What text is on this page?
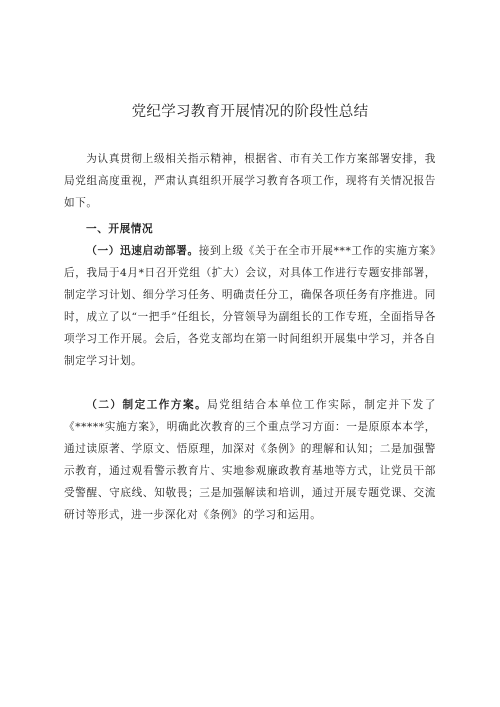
党纪学习教育开展情况的阶段性总结
为认真贯彻上级相关指示精神，根据省、市有关工作方案部署安排，我局党组高度重视，严肃认真组织开展学习教育各项工作，现将有关情况报告如下。
一、开展情况
（一）迅速启动部署。接到上级《关于在全市开展***工作的实施方案》后，我局于4月*日召开党组（扩大）会议，对具体工作进行专题安排部署，制定学习计划、细分学习任务、明确责任分工，确保各项任务有序推进。同时，成立了以“一把手”任组长，分管领导为副组长的工作专班，全面指导各项学习工作开展。会后，各党支部均在第一时间组织开展集中学习，并各自制定学习计划。
（二）制定工作方案。局党组结合本单位工作实际，制定并下发了《*****实施方案》，明确此次教育的三个重点学习方面：一是原原本本学，通过读原著、学原文、悟原理，加深对《条例》的理解和认知；二是加强警示教育，通过观看警示教育片、实地参观廉政教育基地等方式，让党员干部受警醒、守底线、知敬畏；三是加强解读和培训，通过开展专题党课、交流研讨等形式，进一步深化对《条例》的学习和运用。
